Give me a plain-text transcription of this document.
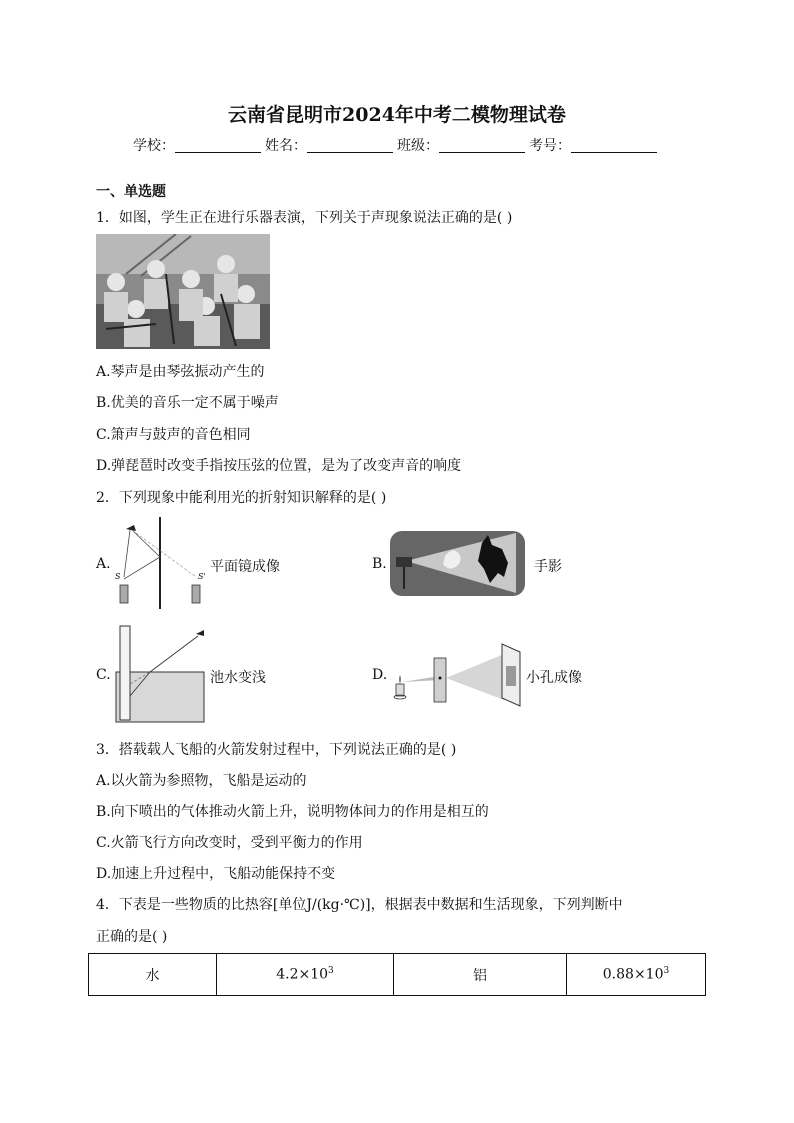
云南省昆明市2024年中考二模物理试卷
学校：	姓名：	班级：	考号：
一、单选题
1．如图，学生正在进行乐器表演，下列关于声现象说法正确的是( )
A.琴声是由琴弦振动产生的
B.优美的音乐一定不属于噪声
C.箫声与鼓声的音色相同
D.弹琵琶时改变手指按压弦的位置，是为了改变声音的响度
2．下列现象中能利用光的折射知识解释的是( )
A.
S	S'
平面镜成像	B.	手影
C.	池水变浅	D.	小孔成像
3．搭载载人飞船的火箭发射过程中，下列说法正确的是( )
A.以火箭为参照物，飞船是运动的
B.向下喷出的气体推动火箭上升，说明物体间力的作用是相互的
C.火箭飞行方向改变时，受到平衡力的作用
D.加速上升过程中，飞船动能保持不变
4．下表是一些物质的比热容[单位J/(kg·℃)]，根据表中数据和生活现象，下列判断中
正确的是( )
水	$4.2\times 10^3$	铝	$0.88\times 10^3$
